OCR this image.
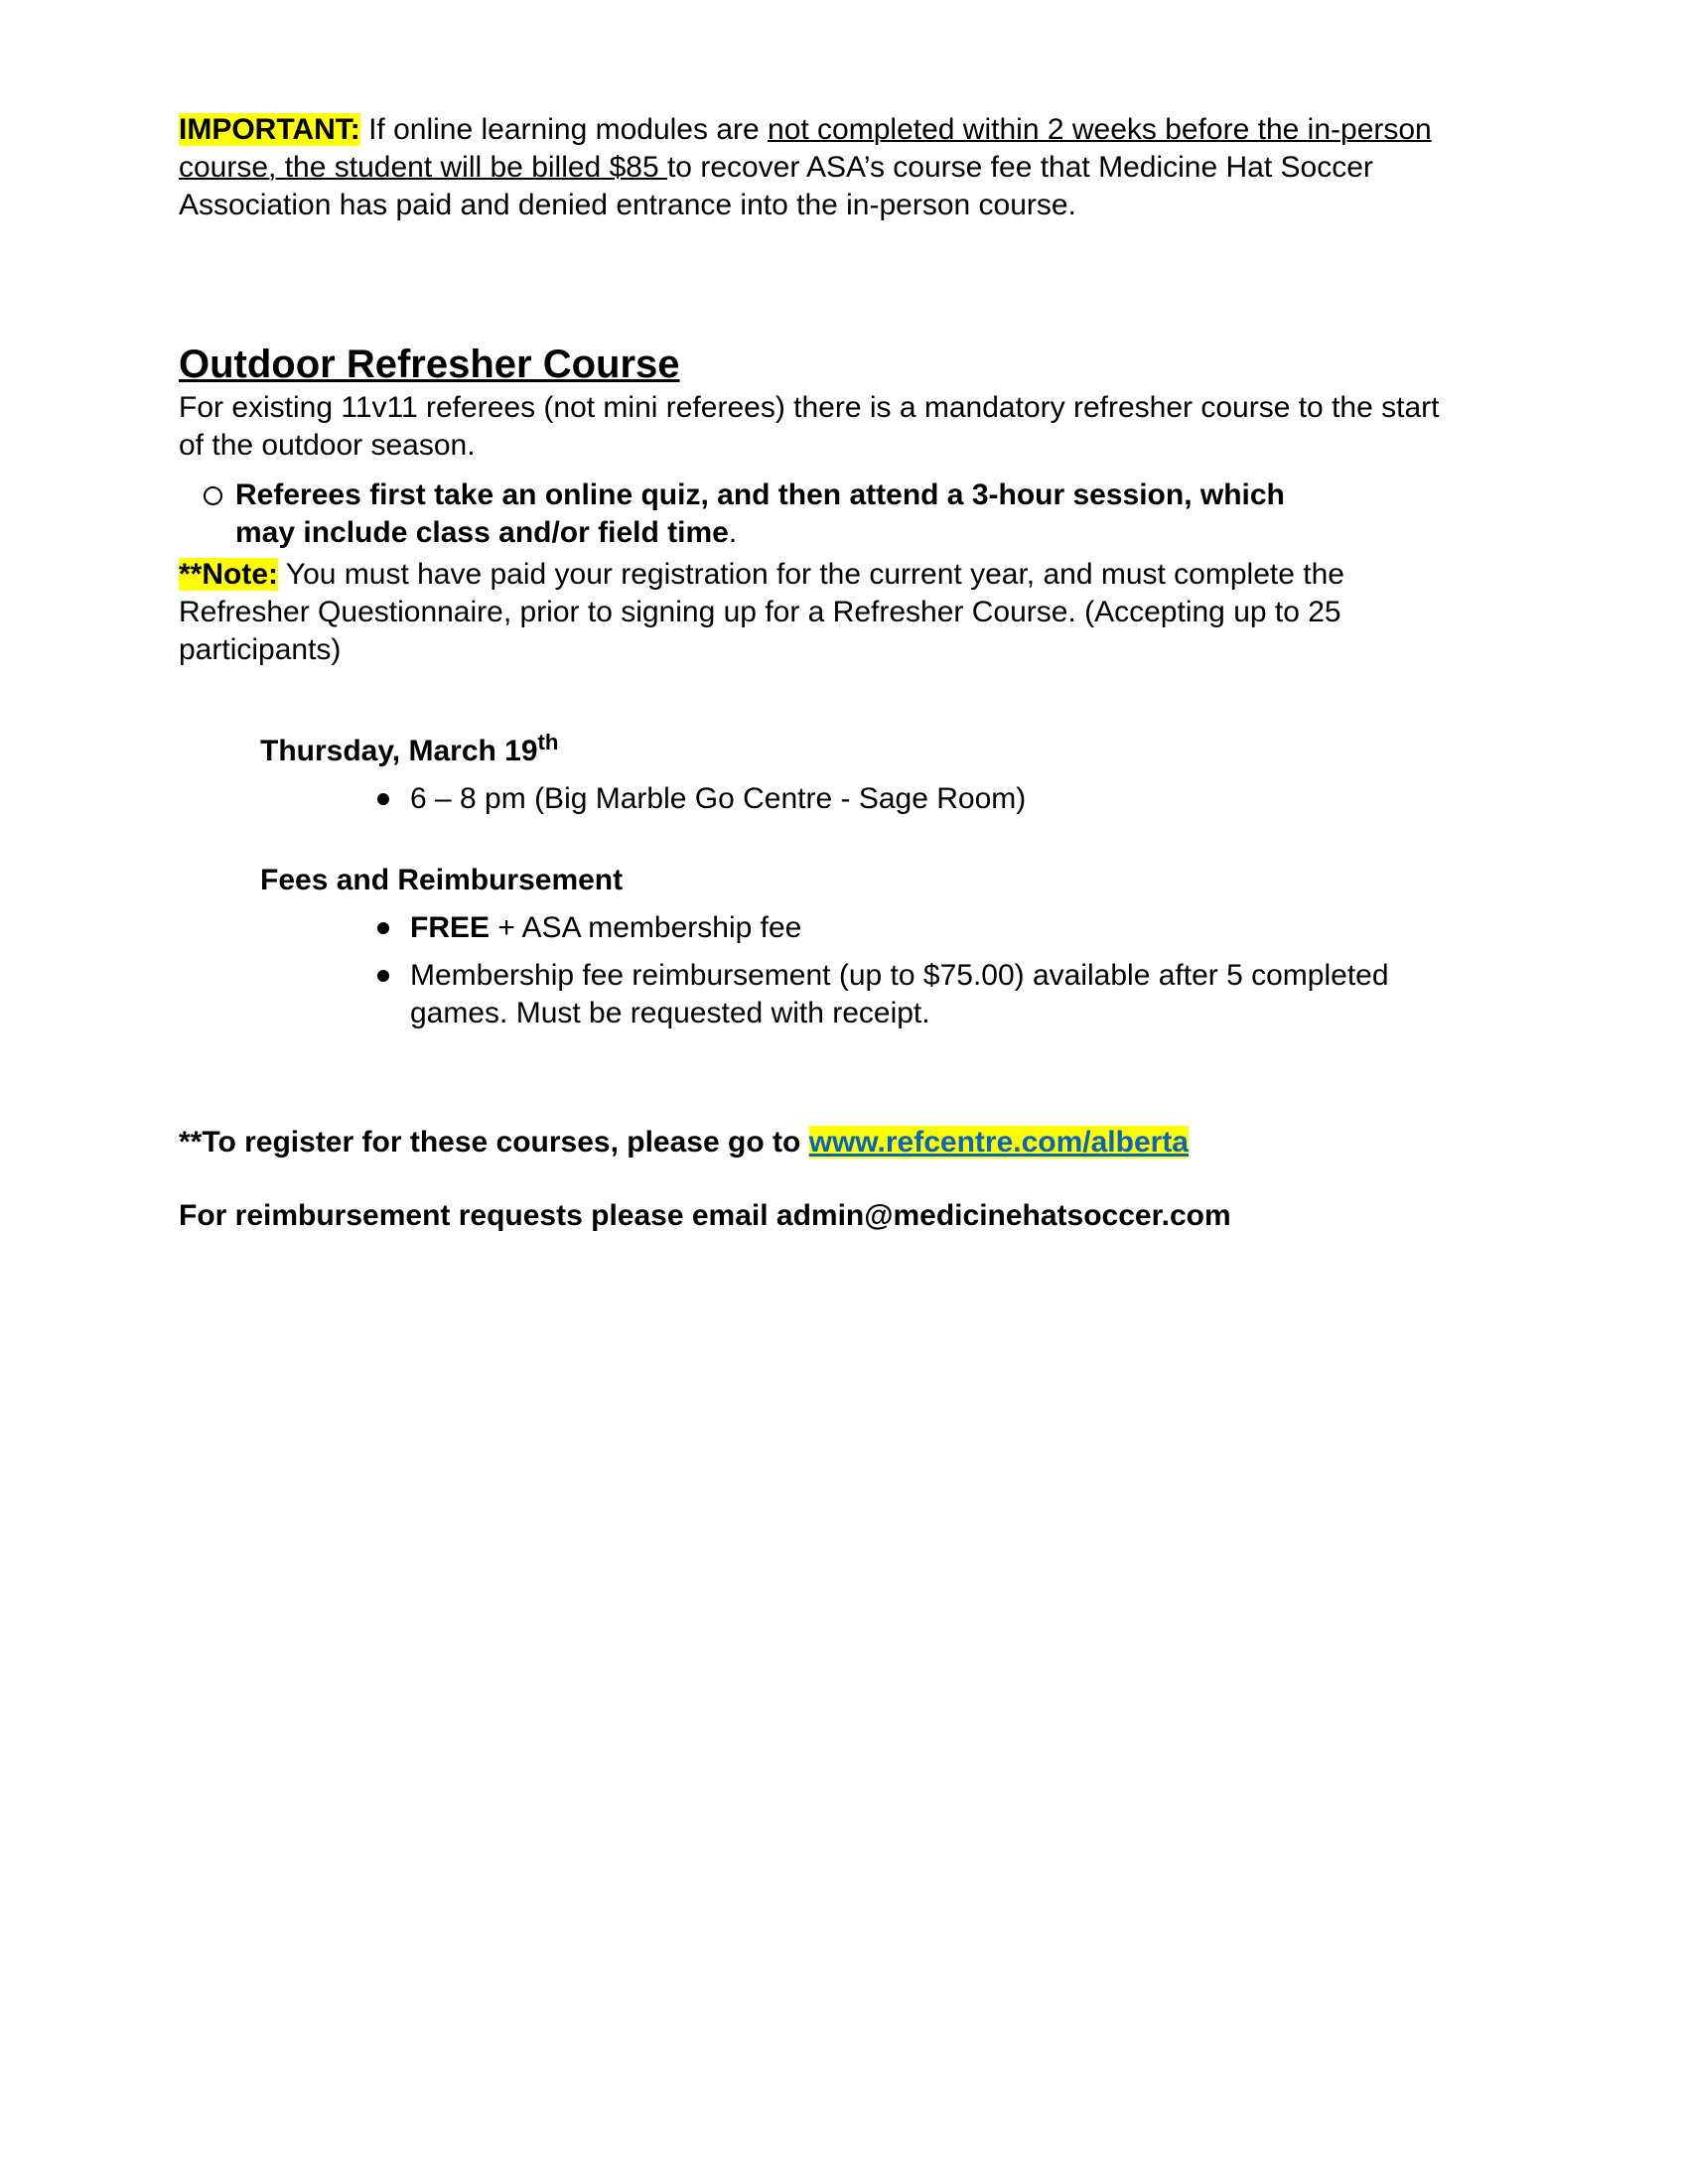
IMPORTANT: If online learning modules are not completed within 2 weeks before the in-person
course, the student will be billed $85 to recover ASA’s course fee that Medicine Hat Soccer
Association has paid and denied entrance into the in-person course.

Outdoor Refresher Course

For existing 11v11 referees (not mini referees) there is a mandatory refresher course to the start
of the outdoor season.

Referees first take an online quiz, and then attend a 3-hour session, which
may include class and/or field time.

**Note: You must have paid your registration for the current year, and must complete the
Refresher Questionnaire, prior to signing up for a Refresher Course. (Accepting up to 25
participants)

Thursday, March 19th
6 – 8 pm (Big Marble Go Centre - Sage Room)
Fees and Reimbursement
FREE + ASA membership fee
Membership fee reimbursement (up to $75.00) available after 5 completed
games. Must be requested with receipt.

**To register for these courses, please go to www.refcentre.com/alberta

For reimbursement requests please email admin@medicinehatsoccer.com
